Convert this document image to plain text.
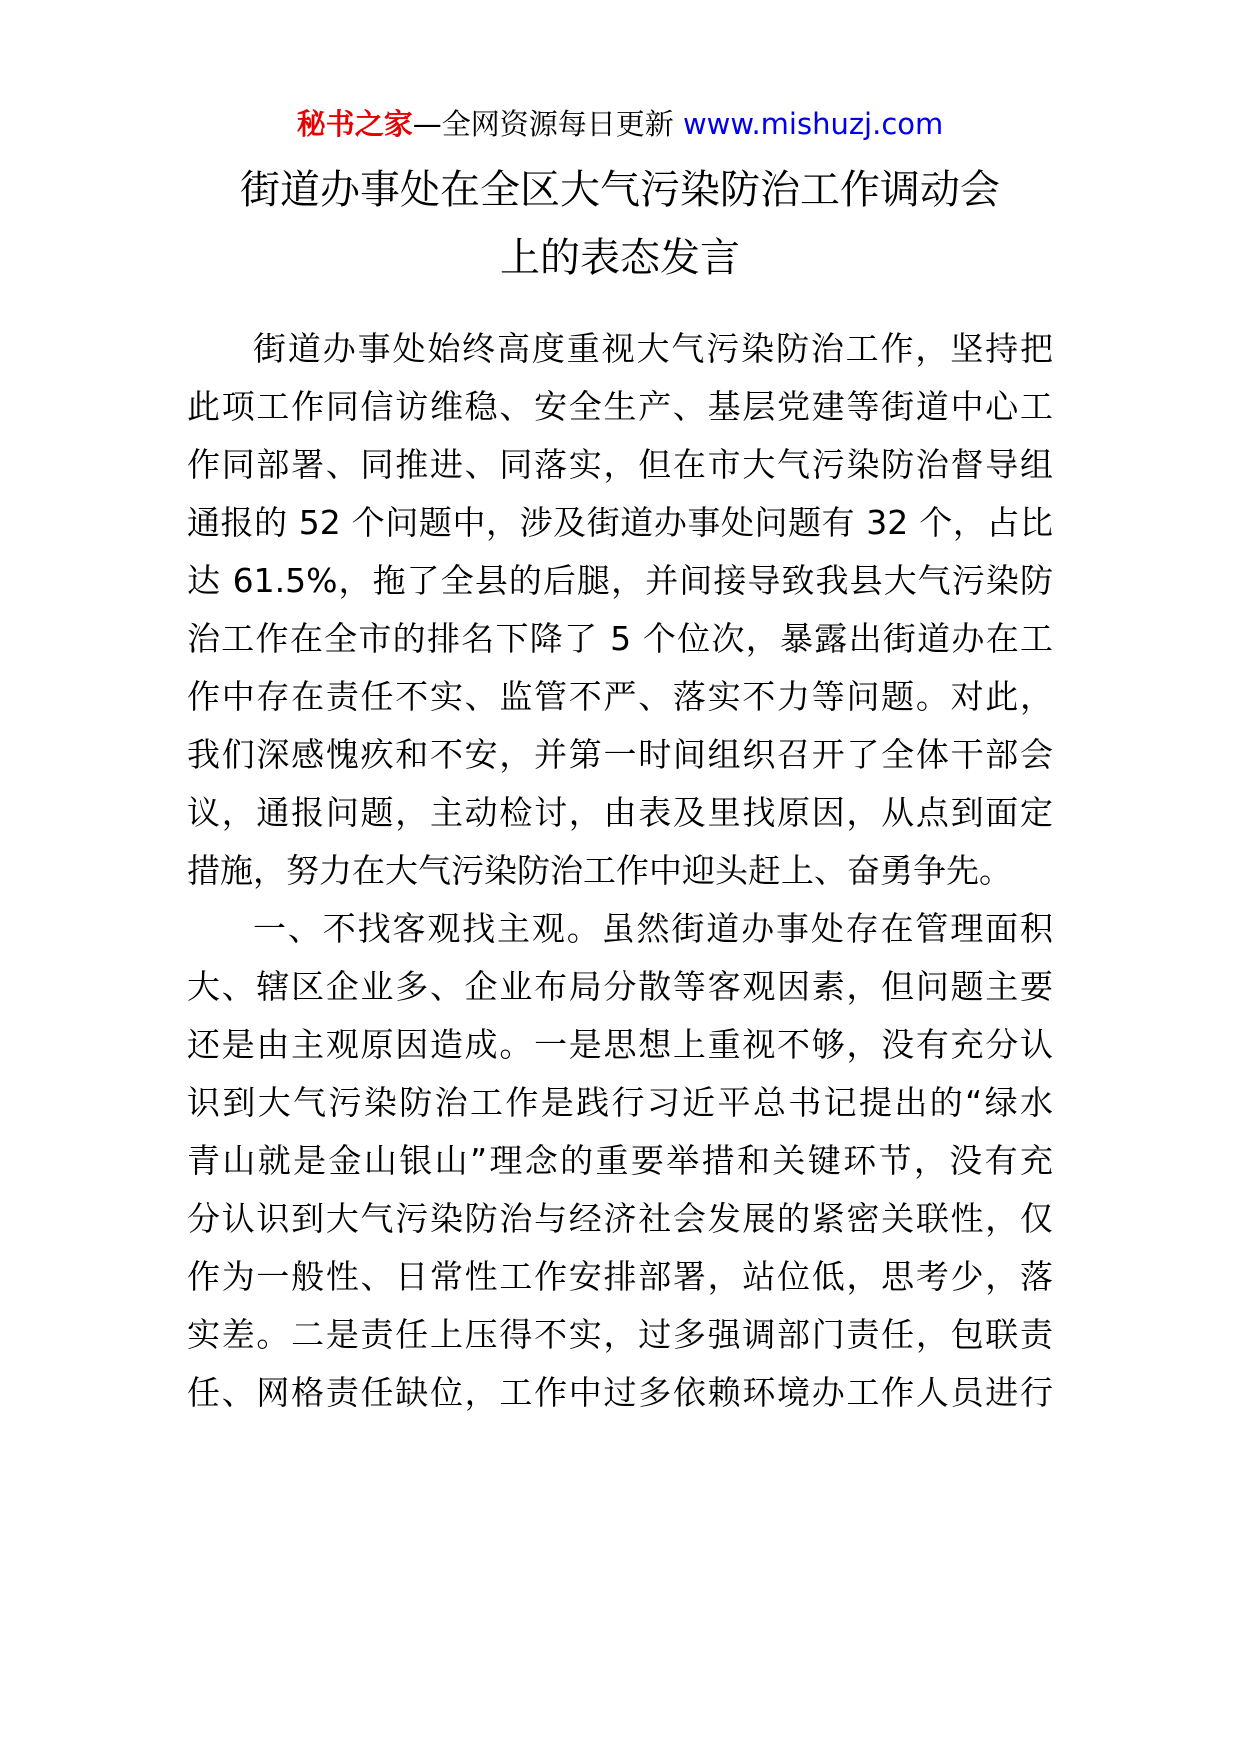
秘书之家—全网资源每日更新 www.mishuzj.com
街道办事处在全区大气污染防治工作调动会
上的表态发言
街道办事处始终高度重视大气污染防治工作，坚持把
此项工作同信访维稳、安全生产、基层党建等街道中心工
作同部署、同推进、同落实，但在市大气污染防治督导组
通报的 52 个问题中，涉及街道办事处问题有 32 个，占比
达 61.5%，拖了全县的后腿，并间接导致我县大气污染防
治工作在全市的排名下降了 5 个位次，暴露出街道办在工
作中存在责任不实、监管不严、落实不力等问题。对此，
我们深感愧疚和不安，并第一时间组织召开了全体干部会
议，通报问题，主动检讨，由表及里找原因，从点到面定
措施，努力在大气污染防治工作中迎头赶上、奋勇争先。
一、不找客观找主观。虽然街道办事处存在管理面积
大、辖区企业多、企业布局分散等客观因素，但问题主要
还是由主观原因造成。一是思想上重视不够，没有充分认
识到大气污染防治工作是践行习近平总书记提出的“绿水
青山就是金山银山”理念的重要举措和关键环节，没有充
分认识到大气污染防治与经济社会发展的紧密关联性，仅
作为一般性、日常性工作安排部署，站位低，思考少，落
实差。二是责任上压得不实，过多强调部门责任，包联责
任、网格责任缺位，工作中过多依赖环境办工作人员进行
